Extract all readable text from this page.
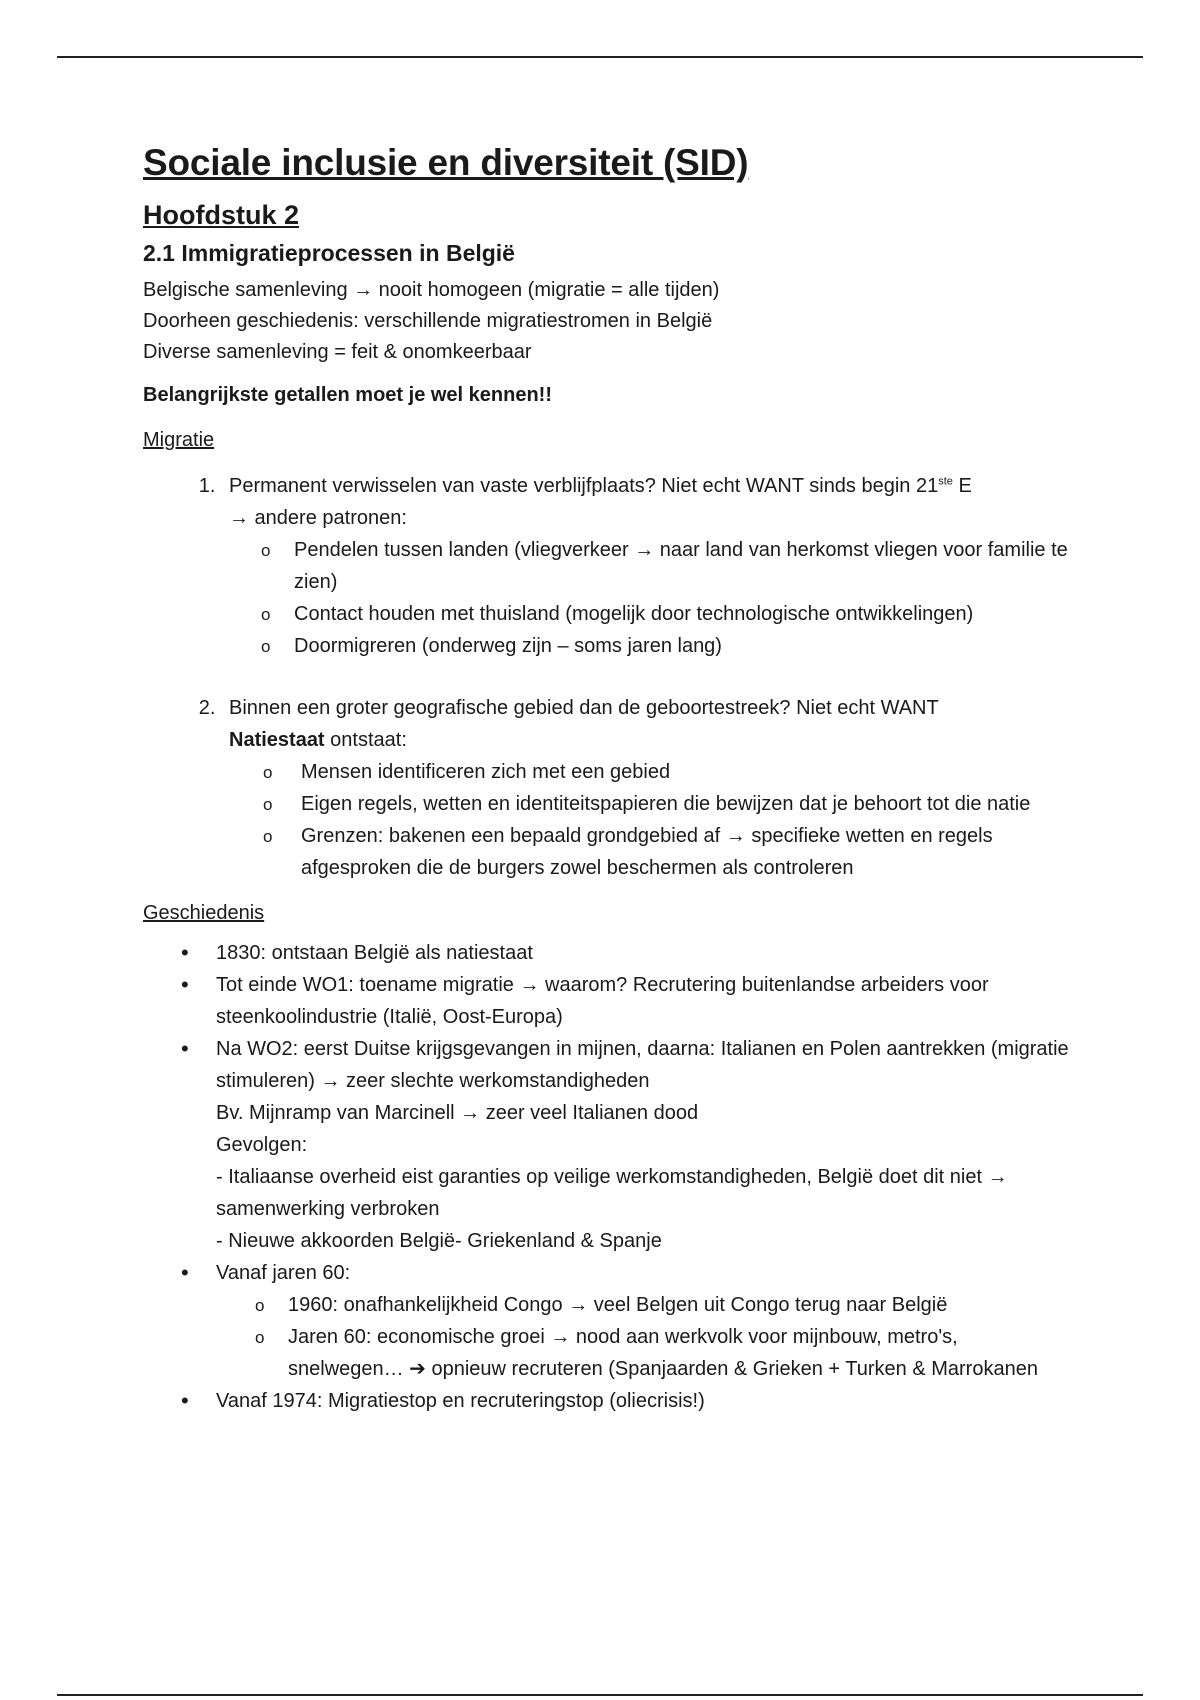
Sociale inclusie en diversiteit (SID)
Hoofdstuk 2
2.1 Immigratieprocessen in België

Belgische samenleving → nooit homogeen (migratie = alle tijden)

Doorheen geschiedenis: verschillende migratiestromen in België

Diverse samenleving = feit & onomkeerbaar

Belangrijkste getallen moet je wel kennen!!

Migratie

1. Permanent verwisselen van vaste verblijfplaats? Niet echt WANT sinds begin 21ste E
→ andere patronen:
o Pendelen tussen landen (vliegverkeer → naar land van herkomst vliegen voor familie te zien)
o Contact houden met thuisland (mogelijk door technologische ontwikkelingen)
o Doormigreren (onderweg zijn – soms jaren lang)
2. Binnen een groter geografische gebied dan de geboortestreek? Niet echt WANT
Natiestaat ontstaat:
o Mensen identificeren zich met een gebied
o Eigen regels, wetten en identiteitspapieren die bewijzen dat je behoort tot die natie
o Grenzen: bakenen een bepaald grondgebied af → specifieke wetten en regels afgesproken die de burgers zowel beschermen als controleren

Geschiedenis

• 1830: ontstaan België als natiestaat
• Tot einde WO1: toename migratie → waarom? Recrutering buitenlandse arbeiders voor steenkoolindustrie (Italië, Oost-Europa)
• Na WO2: eerst Duitse krijgsgevangen in mijnen, daarna: Italianen en Polen aantrekken (migratie stimuleren) → zeer slechte werkomstandigheden
Bv. Mijnramp van Marcinell → zeer veel Italianen dood
Gevolgen:
- Italiaanse overheid eist garanties op veilige werkomstandigheden, België doet dit niet → samenwerking verbroken
- Nieuwe akkoorden België- Griekenland & Spanje
• Vanaf jaren 60:
o 1960: onafhankelijkheid Congo → veel Belgen uit Congo terug naar België
o Jaren 60: economische groei → nood aan werkvolk voor mijnbouw, metro's, snelwegen… ➔ opnieuw recruteren (Spanjaarden & Grieken + Turken & Marrokanen
• Vanaf 1974: Migratiestop en recruteringstop (oliecrisis!)
